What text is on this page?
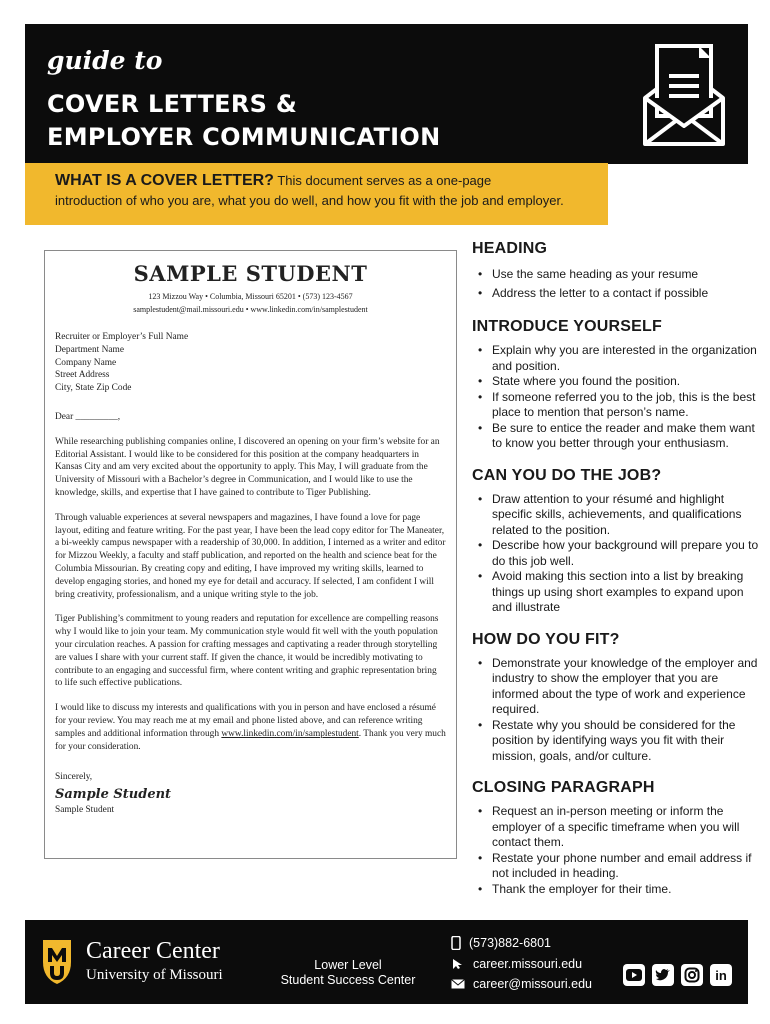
guide to
COVER LETTERS &
EMPLOYER COMMUNICATION
WHAT IS A COVER LETTER? This document serves as a one-page
introduction of who you are, what you do well, and how you fit with the job and employer.
SAMPLE STUDENT
123 Mizzou Way • Columbia, Missouri 65201 • (573) 123-4567
samplestudent@mail.missouri.edu • www.linkedin.com/in/samplestudent
Recruiter or Employer’s Full Name
Department Name
Company Name
Street Address
City, State Zip Code
Dear _________,

While researching publishing companies online, I discovered an opening on your firm’s website for an Editorial Assistant. I would like to be considered for this position at the company headquarters in Kansas City and am very excited about the opportunity to apply. This May, I will graduate from the University of Missouri with a Bachelor’s degree in Communication, and I would like to use the knowledge, skills, and expertise that I have gained to contribute to Tiger Publishing.

Through valuable experiences at several newspapers and magazines, I have found a love for page layout, editing and feature writing. For the past year, I have been the lead copy editor for The Maneater, a bi-weekly campus newspaper with a readership of 30,000. In addition, I interned as a writer and editor for Mizzou Weekly, a faculty and staff publication, and reported on the health and science beat for the Columbia Missourian. By creating copy and editing, I have improved my writing skills, learned to develop engaging stories, and honed my eye for detail and accuracy. If selected, I am confident I will bring creativity, professionalism, and a unique writing style to the job.

Tiger Publishing’s commitment to young readers and reputation for excellence are compelling reasons why I would like to join your team. My communication style would fit well with the youth population your circulation reaches. A passion for crafting messages and captivating a reader through storytelling are values I share with your current staff. If given the chance, it would be incredibly motivating to contribute to an engaging and successful firm, where content writing and graphic representation bring to life such effective publications.

I would like to discuss my interests and qualifications with you in person and have enclosed a résumé for your review. You may reach me at my email and phone listed above, and can reference writing samples and additional information through www.linkedin.com/in/samplestudent. Thank you very much for your consideration.

Sincerely,
Sample Student
Sample Student
HEADING
• Use the same heading as your resume
• Address the letter to a contact if possible
INTRODUCE YOURSELF
• Explain why you are interested in the organization and position.
• State where you found the position.
• If someone referred you to the job, this is the best place to mention that person’s name.
• Be sure to entice the reader and make them want to know you better through your enthusiasm.
CAN YOU DO THE JOB?
• Draw attention to your résumé and highlight specific skills, achievements, and qualifications related to the position.
• Describe how your background will prepare you to do this job well.
• Avoid making this section into a list by breaking things up using short examples to expand upon and illustrate
HOW DO YOU FIT?
• Demonstrate your knowledge of the employer and industry to show the employer that you are informed about the type of work and experience required.
• Restate why you should be considered for the position by identifying ways you fit with their mission, goals, and/or culture.
CLOSING PARAGRAPH
• Request an in-person meeting or inform the employer of a specific timeframe when you will contact them.
• Restate your phone number and email address if not included in heading.
• Thank the employer for their time.
Career Center
University of Missouri
Lower Level
Student Success Center
(573)882-6801
career.missouri.edu
career@missouri.edu
in
